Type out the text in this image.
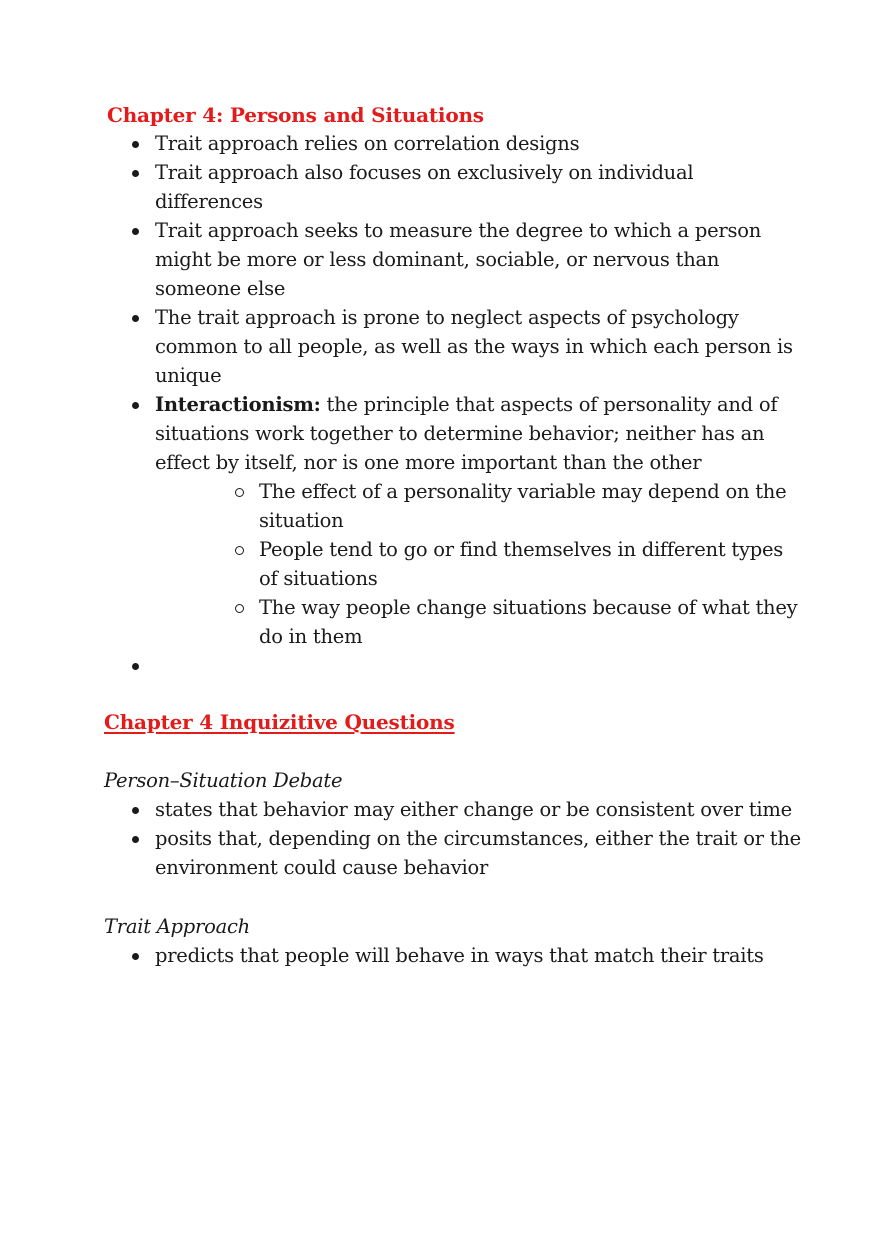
Chapter 4: Persons and Situations
Trait approach relies on correlation designs
Trait approach also focuses on exclusively on individual differences
Trait approach seeks to measure the degree to which a person might be more or less dominant, sociable, or nervous than someone else
The trait approach is prone to neglect aspects of psychology common to all people, as well as the ways in which each person is unique
Interactionism: the principle that aspects of personality and of situations work together to determine behavior; neither has an effect by itself, nor is one more important than the other
The effect of a personality variable may depend on the situation
People tend to go or find themselves in different types of situations
The way people change situations because of what they do in them
Chapter 4 Inquizitive Questions

Person–Situation Debate

states that behavior may either change or be consistent over time
posits that, depending on the circumstances, either the trait or the environment could cause behavior

Trait Approach

predicts that people will behave in ways that match their traits
